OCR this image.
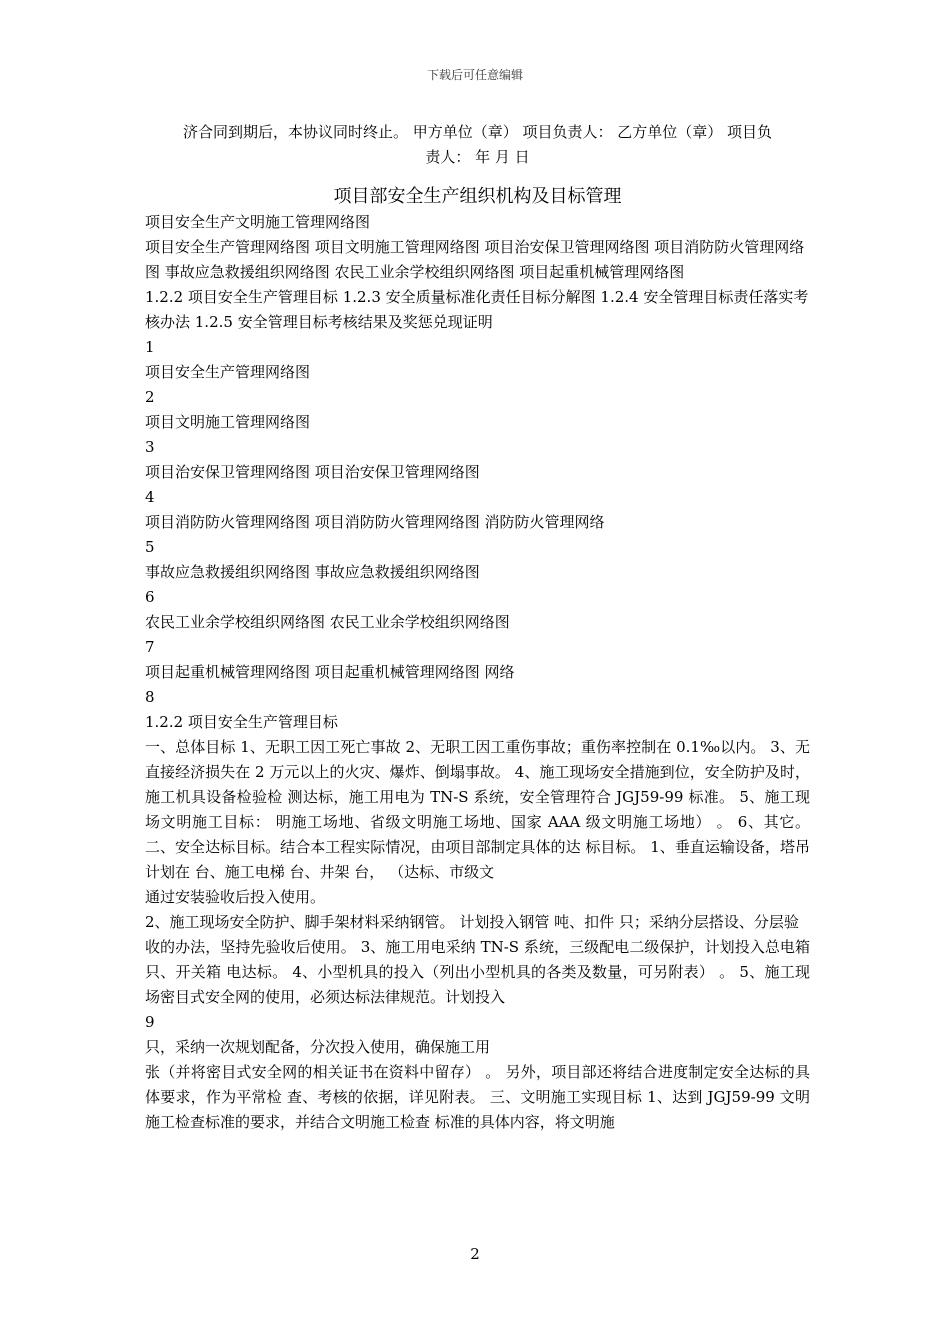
下载后可任意编辑

济合同到期后，本协议同时终止。 甲方单位（章） 项目负责人： 乙方单位（章） 项目负

责人： 年 月 日

项目部安全生产组织机构及目标管理

项目安全生产文明施工管理网络图

项目安全生产管理网络图 项目文明施工管理网络图 项目治安保卫管理网络图 项目消防防火管理网络图 事故应急救援组织网络图 农民工业余学校组织网络图 项目起重机械管理网络图

1.2.2 项目安全生产管理目标 1.2.3 安全质量标准化责任目标分解图 1.2.4 安全管理目标责任落实考核办法 1.2.5 安全管理目标考核结果及奖惩兑现证明

1

项目安全生产管理网络图

2

项目文明施工管理网络图

3

项目治安保卫管理网络图 项目治安保卫管理网络图

4

项目消防防火管理网络图 项目消防防火管理网络图 消防防火管理网络

5

事故应急救援组织网络图 事故应急救援组织网络图

6

农民工业余学校组织网络图 农民工业余学校组织网络图

7

项目起重机械管理网络图 项目起重机械管理网络图 网络

8

1.2.2 项目安全生产管理目标

一、总体目标 1、无职工因工死亡事故 2、无职工因工重伤事故；重伤率控制在 0.1‰以内。 3、无直接经济损失在 2 万元以上的火灾、爆炸、倒塌事故。 4、施工现场安全措施到位，安全防护及时，施工机具设备检验检 测达标，施工用电为 TN-S 系统，安全管理符合 JGJ59-99 标准。 5、施工现场文明施工目标： 明施工场地、省级文明施工场地、国家 AAA 级文明施工场地） 。 6、其它。 二、安全达标目标。结合本工程实际情况，由项目部制定具体的达 标目标。 1、垂直运输设备，塔吊 计划在 台、施工电梯 台、井架 台， （达标、市级文

通过安装验收后投入使用。

2、施工现场安全防护、脚手架材料采纳钢管。 计划投入钢管 吨、扣件 只；采纳分层搭设、分层验

收的办法，坚持先验收后使用。 3、施工用电采纳 TN-S 系统，三级配电二级保护，计划投入总电箱 只、开关箱 电达标。 4、小型机具的投入（列出小型机具的各类及数量，可另附表） 。 5、施工现场密目式安全网的使用，必须达标法律规范。计划投入

9

只，采纳一次规划配备，分次投入使用，确保施工用

张（并将密目式安全网的相关证书在资料中留存） 。 另外，项目部还将结合进度制定安全达标的具体要求，作为平常检 查、考核的依据，详见附表。 三、文明施工实现目标 1、达到 JGJ59-99 文明施工检查标准的要求，并结合文明施工检查 标准的具体内容，将文明施

2
